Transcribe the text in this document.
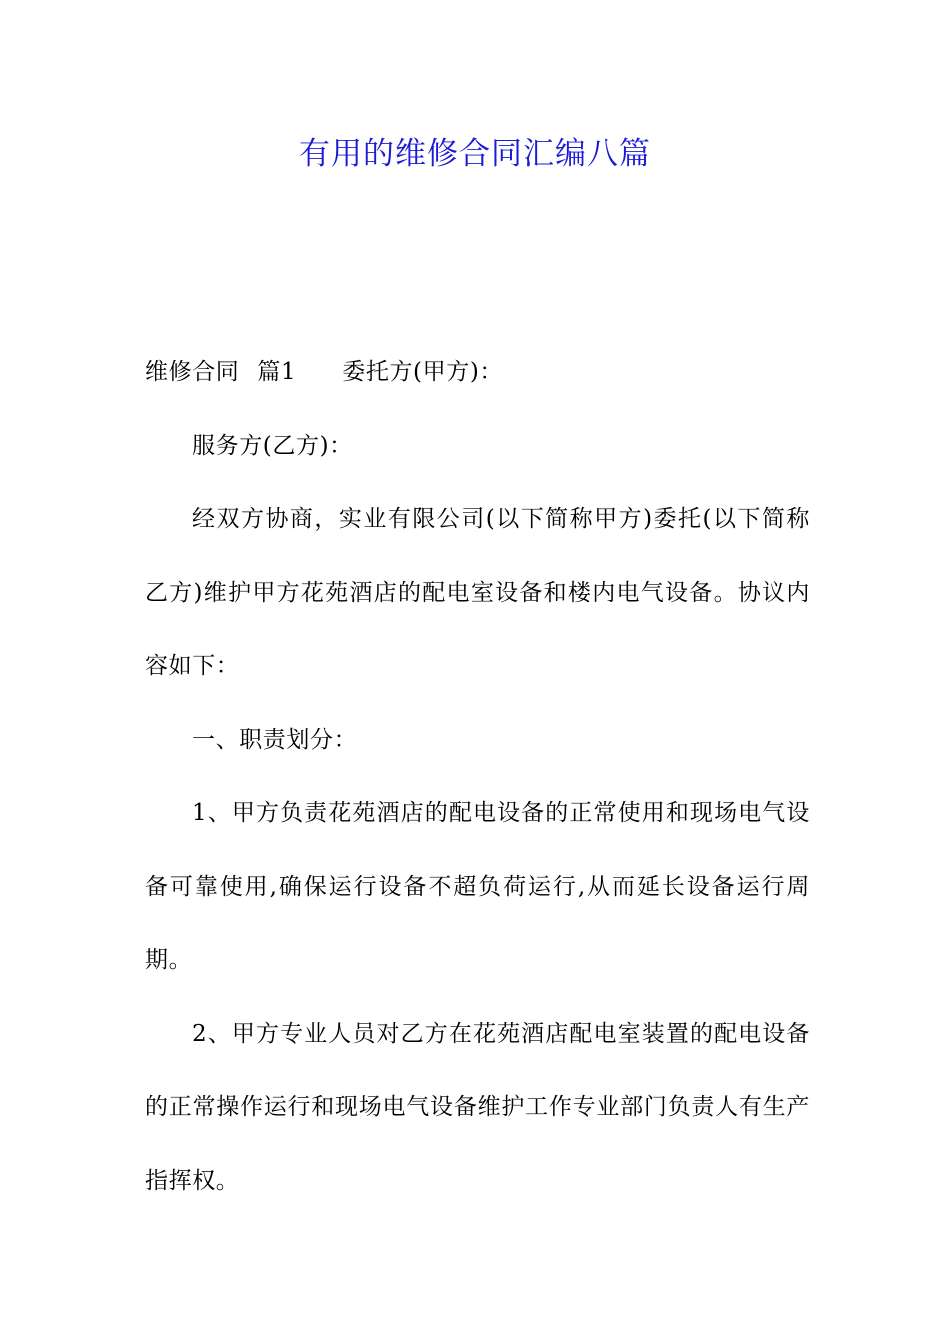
有用的维修合同汇编八篇

维修合同 篇1 委托方(甲方)：

服务方(乙方)：

经双方协商，实业有限公司(以下简称甲方)委托(以下简称乙方)维护甲方花苑酒店的配电室设备和楼内电气设备。协议内容如下：

一、职责划分：

1、甲方负责花苑酒店的配电设备的正常使用和现场电气设备可靠使用,确保运行设备不超负荷运行,从而延长设备运行周期。

2、甲方专业人员对乙方在花苑酒店配电室装置的配电设备的正常操作运行和现场电气设备维护工作专业部门负责人有生产指挥权。
